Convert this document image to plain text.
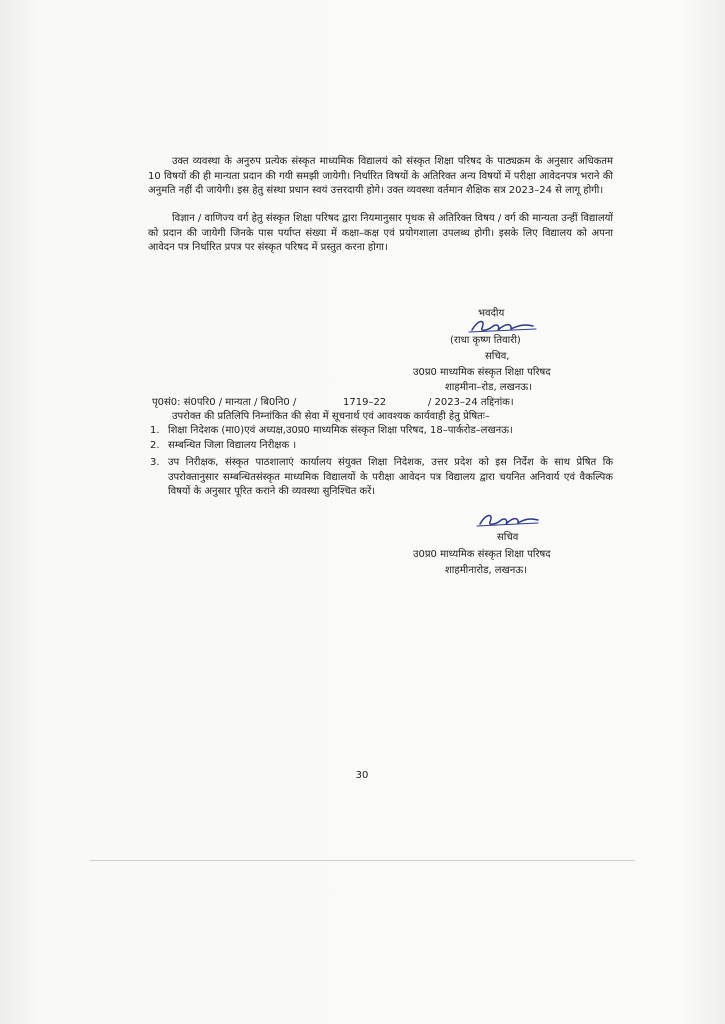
उक्त व्यवस्था के अनुरुप प्रत्येक संस्कृत माध्यमिक विद्यालयं को संस्कृत शिक्षा परिषद के पाठ्यक्रम के अनुसार अधिकतम 10 विषयों की ही मान्यता प्रदान की गयी समझी जायेगी। निर्धारित विषयों के अतिरिक्त अन्य विषयों में परीक्षा आवेदनपत्र भराने की अनुमति नहीं दी जायेगी। इस हेतु संस्था प्रधान स्वयं उत्तरदायी होगे। उक्त व्यवस्था वर्तमान शैक्षिक सत्र 2023–24 से लागू होगी।

विज्ञान / वाणिज्य वर्ग हेतु संस्कृत शिक्षा परिषद द्वारा नियमानुसार पृथक से अतिरिक्त विषय / वर्ग की मान्यता उन्हीं विद्यालयों को प्रदान की जायेगी जिनके पास पर्याप्त संख्या में कक्षा–कक्ष एवं प्रयोगशाला उपलब्ध होगी। इसके लिए विद्यालय को अपना आवेदन पत्र निर्धारित प्रपत्र पर संस्कृत परिषद में प्रस्तुत करना होगा।

भवदीय

(राधा कृष्ण तिवारी)

सचिव,

उ0प्र0 माध्यमिक संस्कृत शिक्षा परिषद

शाहमीना–रोड, लखनऊ।

पृ0सं0: सं0परि0 / मान्यता / बि0नि0 /	1719–22	/ 2023–24 तद्दिनांक।

उपरोक्त की प्रतिलिपि निम्नांकित की सेवा में सूचनार्थ एवं आवश्यक कार्यवाही हेतु प्रेषितः–

1. शिक्षा निदेशक (मा0)एवं अध्यक्ष,उ0प्र0 माध्यमिक संस्कृत शिक्षा परिषद, 18–पार्करोड–लखनऊ।
2. सम्बन्धित जिला विद्यालय निरीक्षक ।
3. उप निरीक्षक, संस्कृत पाठशालाएं कार्यालय संयुक्त शिक्षा निदेशक, उत्तर प्रदेश को इस निर्देश के साथ प्रेषित कि उपरोक्तानुसार सम्बन्धितसंस्कृत माध्यमिक विद्यालयों के परीक्षा आवेदन पत्र विद्यालय द्वारा चयनित अनिवार्य एवं वैकल्पिक विषयों के अनुसार पूरित कराने की व्यवस्था सुनिश्चित करें।

सचिव

उ0प्र0 माध्यमिक संस्कृत शिक्षा परिषद

शाहमीनारोड, लखनऊ।

30
